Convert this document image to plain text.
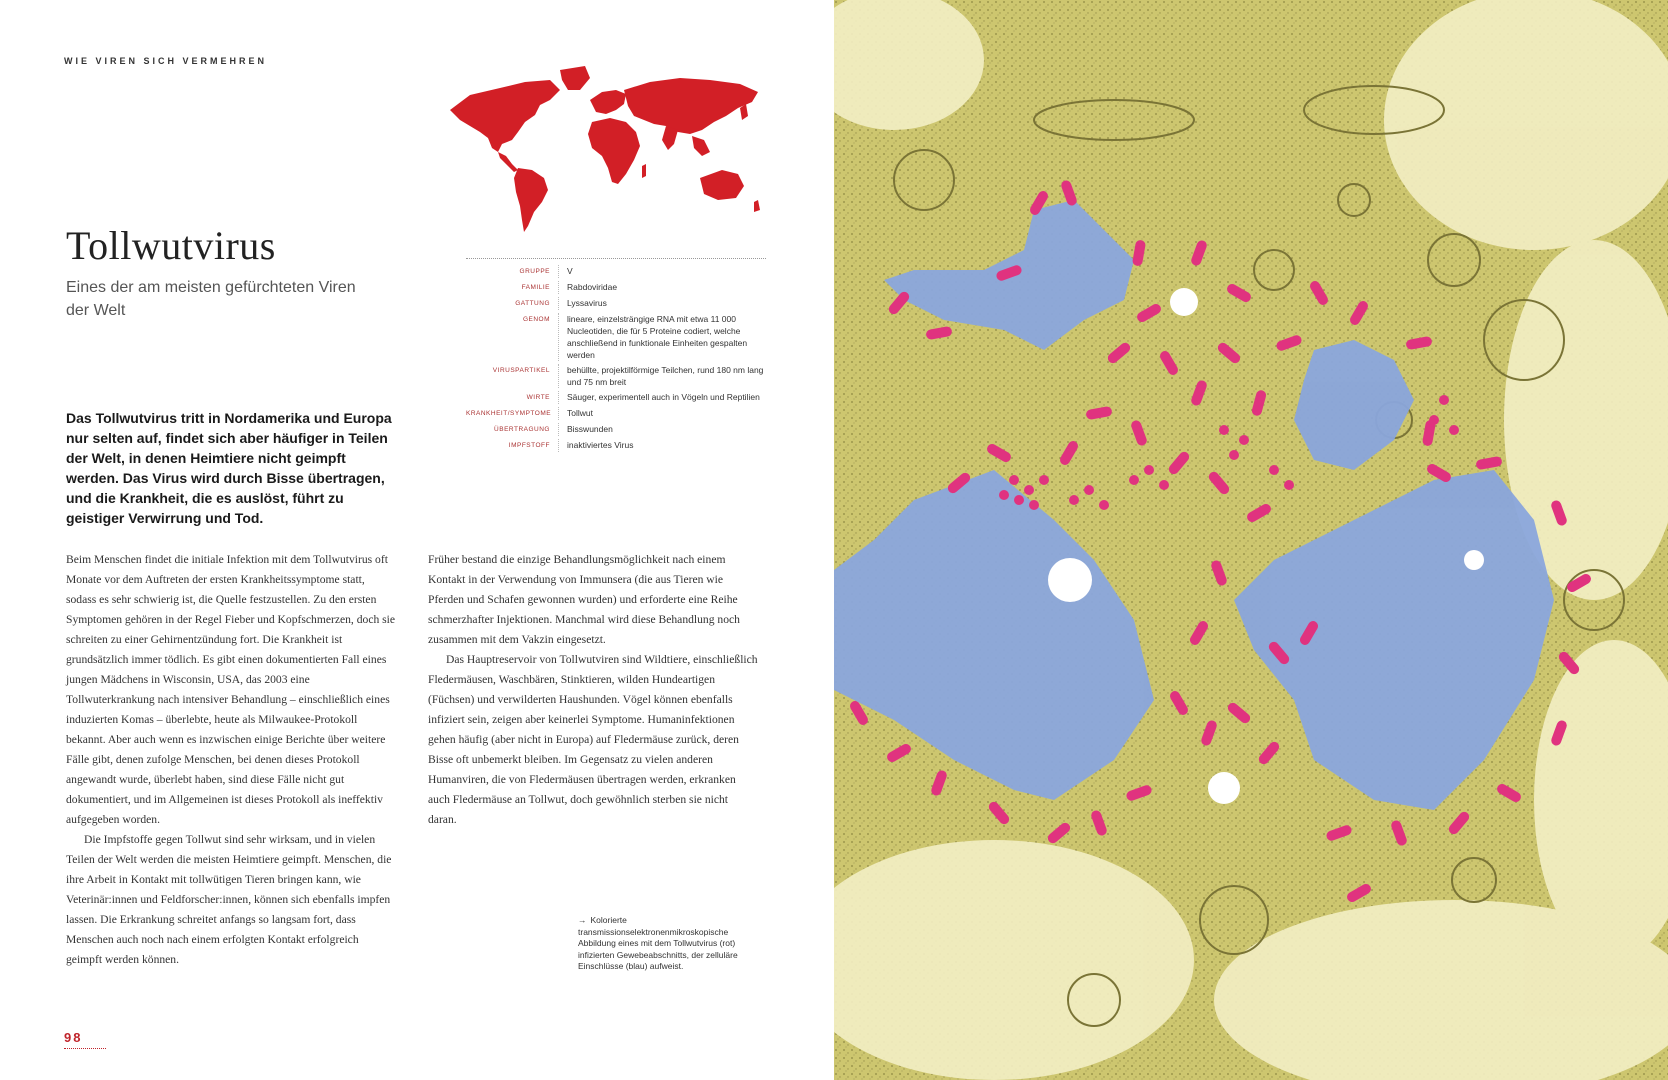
WIE VIREN SICH VERMEHREN
Tollwutvirus
Eines der am meisten gefürchteten Viren der Welt
GRUPPE	V
FAMILIE	Rabdoviridae
GATTUNG	Lyssavirus
GENOM	lineare, einzelsträngige RNA mit etwa 11 000 Nucleotiden, die für 5 Proteine codiert, welche anschließend in funktionale Einheiten gespalten werden
VIRUSPARTIKEL	behüllte, projektilförmige Teilchen, rund 180 nm lang und 75 nm breit
WIRTE	Säuger, experimentell auch in Vögeln und Reptilien
KRANKHEIT/SYMPTOME	Tollwut
ÜBERTRAGUNG	Bisswunden
IMPFSTOFF	inaktiviertes Virus
Das Tollwutvirus tritt in Nordamerika und Europa nur selten auf, findet sich aber häufiger in Teilen der Welt, in denen Heimtiere nicht geimpft werden. Das Virus wird durch Bisse übertragen, und die Krankheit, die es auslöst, führt zu geistiger Verwirrung und Tod.

Beim Menschen findet die initiale Infektion mit dem Tollwutvirus oft Monate vor dem Auftreten der ersten Krankheitssymptome statt, sodass es sehr schwierig ist, die Quelle festzustellen. Zu den ersten Symptomen gehören in der Regel Fieber und Kopfschmerzen, doch sie schreiten zu einer Gehirnentzündung fort. Die Krankheit ist grundsätzlich immer tödlich. Es gibt einen dokumentierten Fall eines jungen Mädchens in Wisconsin, USA, das 2003 eine Tollwuterkrankung nach intensiver Behandlung – einschließlich eines induzierten Komas – überlebte, heute als Milwaukee-Protokoll bekannt. Aber auch wenn es inzwischen einige Berichte über weitere Fälle gibt, denen zufolge Menschen, bei denen dieses Protokoll angewandt wurde, überlebt haben, sind diese Fälle nicht gut dokumentiert, und im Allgemeinen ist dieses Protokoll als ineffektiv aufgegeben worden.

Die Impfstoffe gegen Tollwut sind sehr wirksam, und in vielen Teilen der Welt werden die meisten Heimtiere geimpft. Menschen, die ihre Arbeit in Kontakt mit tollwütigen Tieren bringen kann, wie Veterinär:innen und Feldforscher:innen, können sich ebenfalls impfen lassen. Die Erkrankung schreitet anfangs so langsam fort, dass Menschen auch noch nach einem erfolgten Kontakt erfolgreich geimpft werden können.

Früher bestand die einzige Behandlungsmöglichkeit nach einem Kontakt in der Verwendung von Immunsera (die aus Tieren wie Pferden und Schafen gewonnen wurden) und erforderte eine Reihe schmerzhafter Injektionen. Manchmal wird diese Behandlung noch zusammen mit dem Vakzin eingesetzt.

Das Hauptreservoir von Tollwutviren sind Wildtiere, einschließlich Fledermäusen, Waschbären, Stinktieren, wilden Hundeartigen (Füchsen) und verwilderten Haushunden. Vögel können ebenfalls infiziert sein, zeigen aber keinerlei Symptome. Humaninfektionen gehen häufig (aber nicht in Europa) auf Fledermäuse zurück, deren Bisse oft unbemerkt bleiben. Im Gegensatz zu vielen anderen Humanviren, die von Fledermäusen übertragen werden, erkranken auch Fledermäuse an Tollwut, doch gewöhnlich sterben sie nicht daran.

→ Kolorierte transmissionselektronenmikroskopische Abbildung eines mit dem Tollwutvirus (rot) infizierten Gewebeabschnitts, der zelluläre Einschlüsse (blau) aufweist.
98
